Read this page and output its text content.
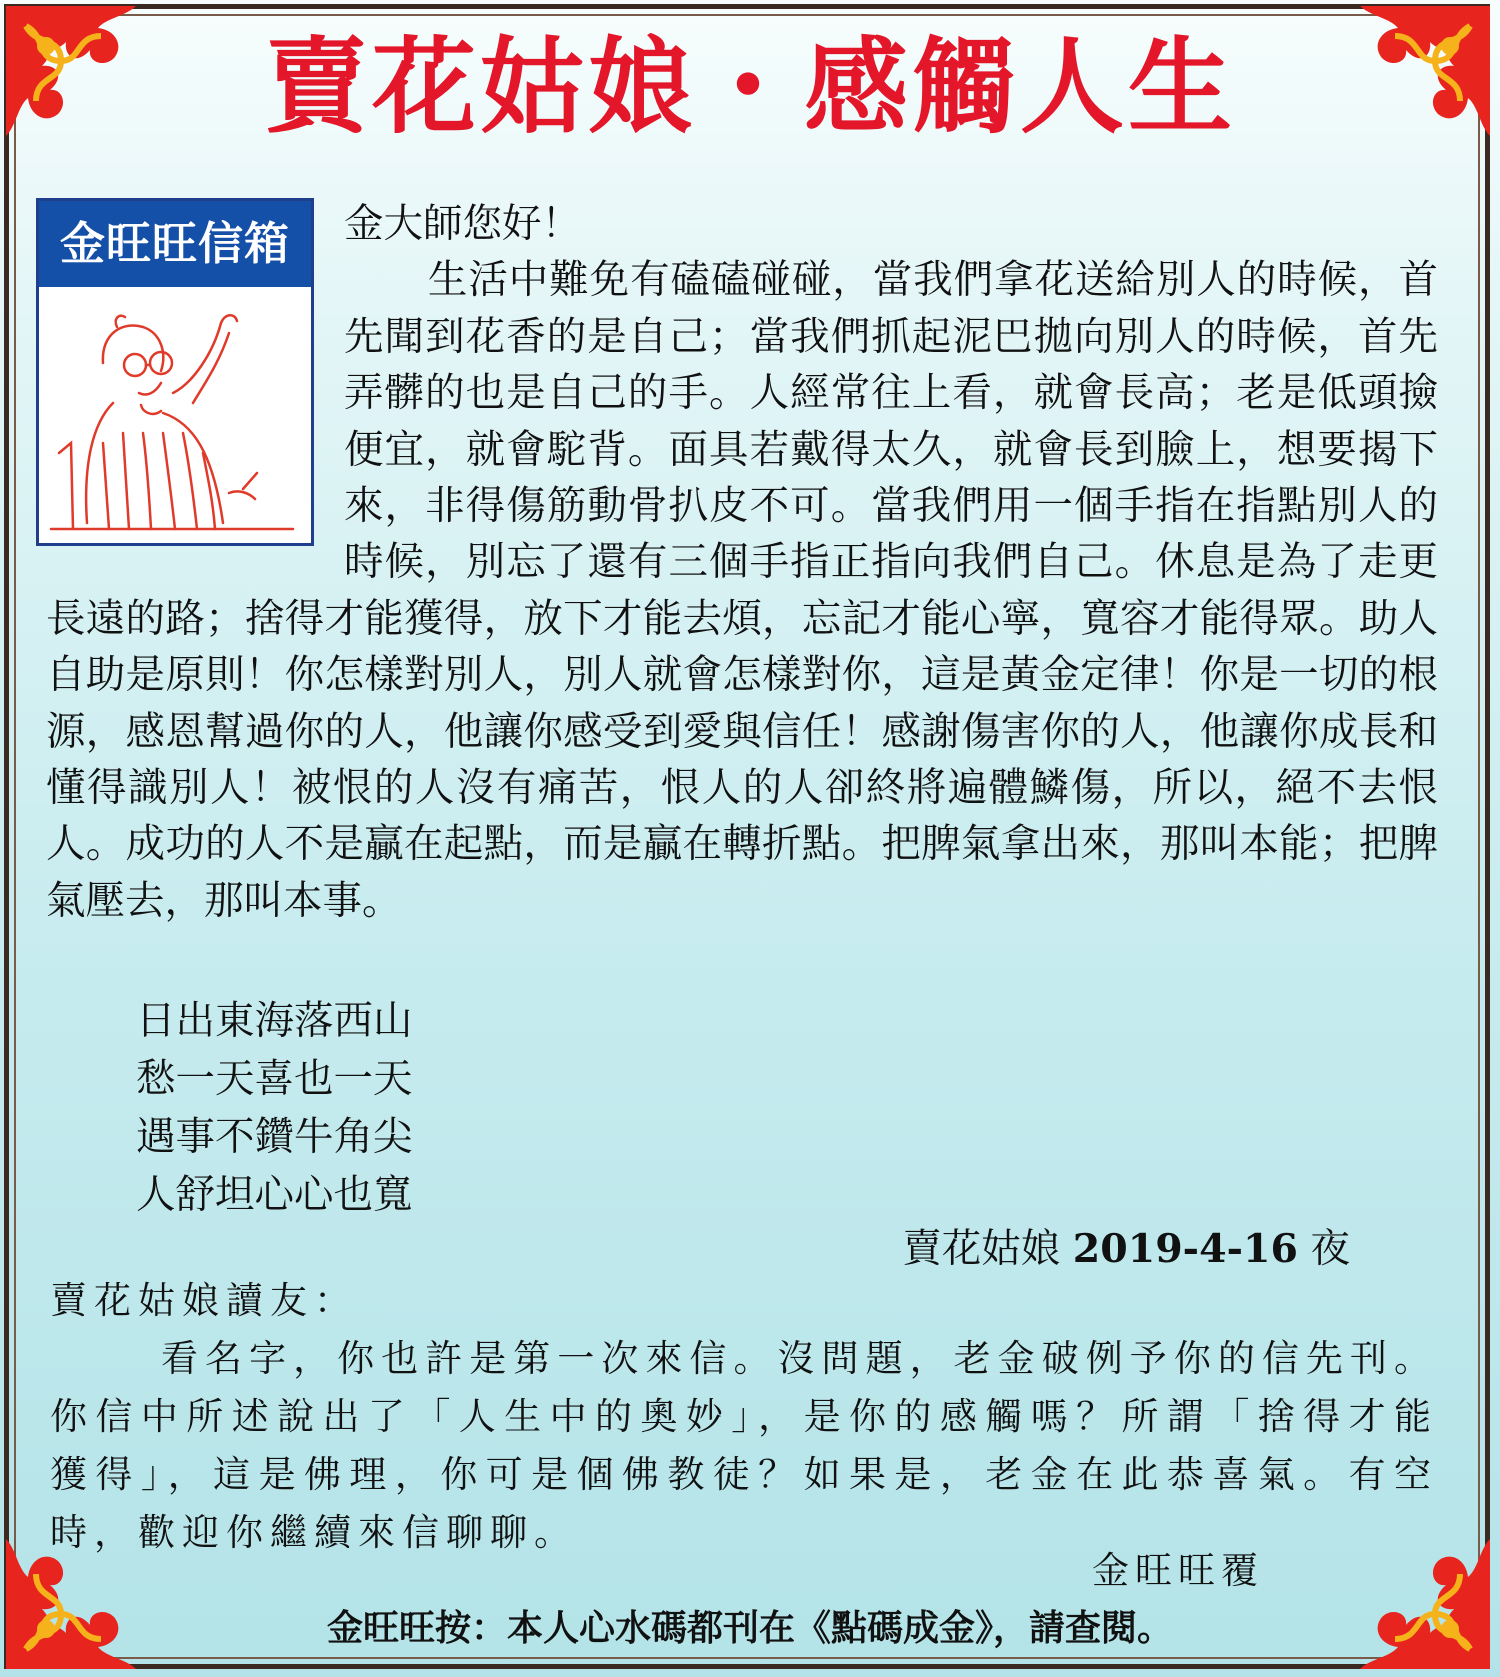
賣花姑娘・感觸人生
金旺旺信箱	金大師您好！

生活中難免有磕磕碰碰，當我們拿花送給別人的時候，首先聞到花香的是自己；當我們抓起泥巴拋向別人的時候，首先弄髒的也是自己的手。人經常往上看，就會長高；老是低頭撿便宜，就會駝背。面具若戴得太久，就會長到臉上，想要揭下來，非得傷筋動骨扒皮不可。當我們用一個手指在指點別人的時候，別忘了還有三個手指正指向我們自己。休息是為了走更長遠的路；捨得才能獲得，放下才能去煩，忘記才能心寧，寬容才能得眾。助人自助是原則！你怎樣對別人，別人就會怎樣對你，這是黃金定律！你是一切的根源，感恩幫過你的人，他讓你感受到愛與信任！感謝傷害你的人，他讓你成長和懂得識別人！被恨的人沒有痛苦，恨人的人卻終將遍體鱗傷，所以，絕不去恨人。成功的人不是贏在起點，而是贏在轉折點。把脾氣拿出來，那叫本能；把脾氣壓去，那叫本事。

日出東海落西山
愁一天喜也一天
遇事不鑽牛角尖
人舒坦心心也寬
賣花姑娘 2019-4-16 夜

賣花姑娘讀友：

看名字，你也許是第一次來信。沒問題，老金破例予你的信先刊。你信中所述說出了「人生中的奧妙」，是你的感觸嗎？所謂「捨得才能獲得」，這是佛理，你可是個佛教徒？如果是，老金在此恭喜氣。有空時，歡迎你繼續來信聊聊。

金旺旺覆
金旺旺按：本人心水碼都刊在《點碼成金》，請查閱。
